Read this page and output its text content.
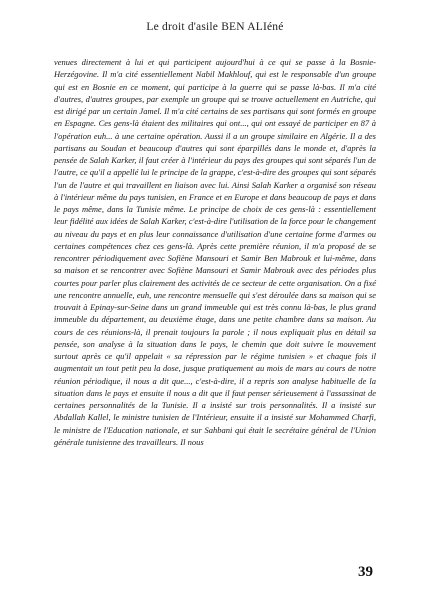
Le droit d'asile BEN ALIéné

venues directement à lui et qui participent aujourd'hui à ce qui se passe à la Bosnie-Herzégovine. Il m'a cité essentiellement Nabil Makhlouf, qui est le responsable d'un groupe qui est en Bosnie en ce moment, qui participe à la guerre qui se passe là-bas. Il m'a cité d'autres, d'autres groupes, par exemple un groupe qui se trouve actuellement en Autriche, qui est dirigé par un certain Jamel. Il m'a cité certains de ses partisans qui sont formés en groupe en Espagne. Ces gens-là étaient des militaires qui ont..., qui ont essayé de participer en 87 à l'opération euh... à une certaine opération. Aussi il a un groupe similaire en Algérie. Il a des partisans au Soudan et beaucoup d'autres qui sont éparpillés dans le monde et, d'après la pensée de Salah Karker, il faut créer à l'intérieur du pays des groupes qui sont séparés l'un de l'autre, ce qu'il a appellé lui le principe de la grappe, c'est-à-dire des groupes qui sont séparés l'un de l'autre et qui travaillent en liaison avec lui. Ainsi Salah Karker a organisé son réseau à l'intérieur même du pays tunisien, en France et en Europe et dans beaucoup de pays et dans le pays même, dans la Tunisie même. Le principe de choix de ces gens-là : essentiellement leur fidélité aux idées de Salah Karker, c'est-à-dire l'utilisation de la force pour le changement au niveau du pays et en plus leur connaissance d'utilisation d'une certaine forme d'armes ou certaines compétences chez ces gens-là. Après cette première réunion, il m'a proposé de se rencontrer périodiquement avec Sofiène Mansouri et Samir Ben Mabrouk et lui-même, dans sa maison et se rencontrer avec Sofiène Mansouri et Samir Mabrouk avec des périodes plus courtes pour parler plus clairement des activités de ce secteur de cette organisation. On a fixé une rencontre annuelle, euh, une rencontre mensuelle qui s'est déroulée dans sa maison qui se trouvait à Epinay-sur-Seine dans un grand immeuble qui est très connu là-bas, le plus grand immeuble du département, au deuxième étage, dans une petite chambre dans sa maison. Au cours de ces réunions-là, il prenait toujours la parole ; il nous expliquait plus en détail sa pensée, son analyse à la situation dans le pays, le chemin que doit suivre le mouvement surtout après ce qu'il appelait « sa répression par le régime tunisien » et chaque fois il augmentait un tout petit peu la dose, jusque pratiquement au mois de mars au cours de notre réunion périodique, il nous a dit que..., c'est-à-dire, il a repris son analyse habituelle de la situation dans le pays et ensuite il nous a dit que il faut penser sérieusement à l'assassinat de certaines personnalités de la Tunisie. Il a insisté sur trois personnalités. Il a insisté sur Abdallah Kallel, le ministre tunisien de l'Intérieur, ensuite il a insisté sur Mohammed Charfi, le ministre de l'Education nationale, et sur Sahbani qui était le secrétaire général de l'Union générale tunisienne des travailleurs. Il nous

39
